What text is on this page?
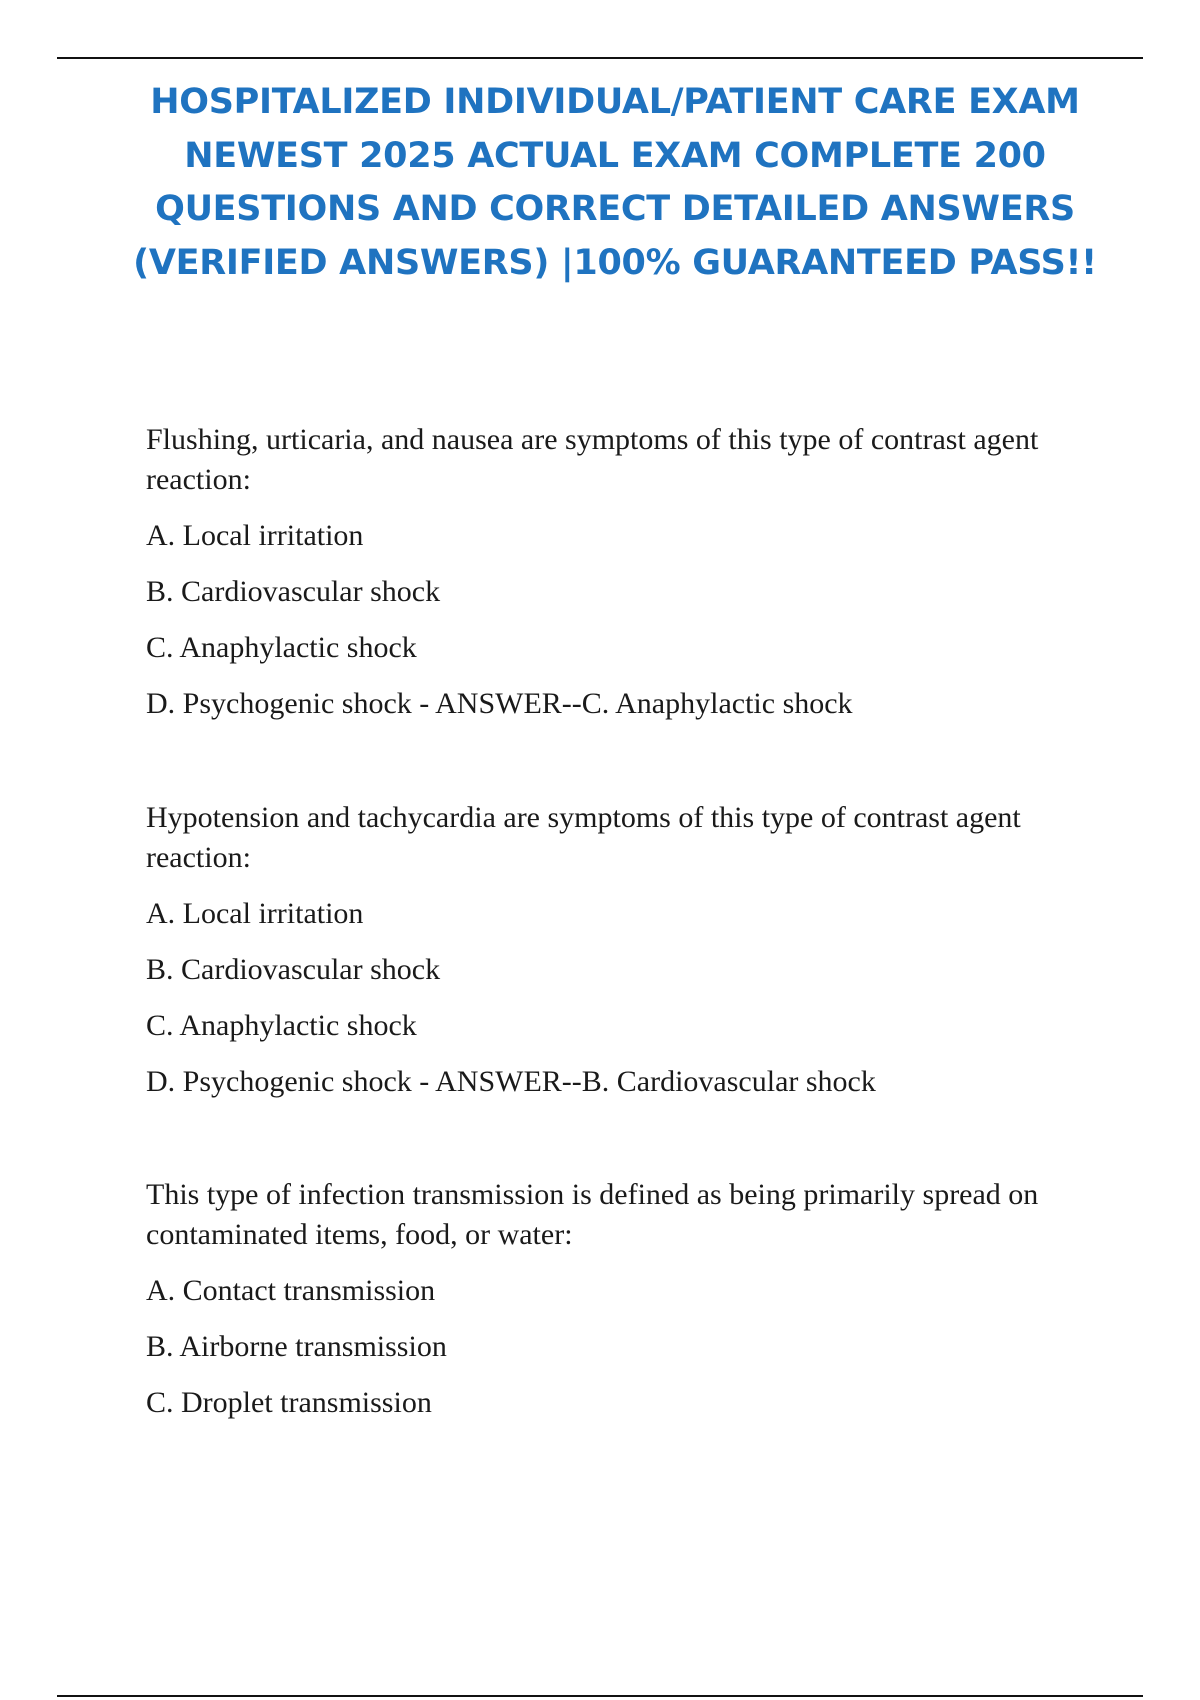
HOSPITALIZED INDIVIDUAL/PATIENT CARE EXAM NEWEST 2025 ACTUAL EXAM COMPLETE 200 QUESTIONS AND CORRECT DETAILED ANSWERS (VERIFIED ANSWERS) |100% GUARANTEED PASS!!

Flushing, urticaria, and nausea are symptoms of this type of contrast agent reaction:

A. Local irritation

B. Cardiovascular shock

C. Anaphylactic shock

D. Psychogenic shock - ANSWER--C. Anaphylactic shock

Hypotension and tachycardia are symptoms of this type of contrast agent reaction:

A. Local irritation

B. Cardiovascular shock

C. Anaphylactic shock

D. Psychogenic shock - ANSWER--B. Cardiovascular shock

This type of infection transmission is defined as being primarily spread on contaminated items, food, or water:

A. Contact transmission

B. Airborne transmission

C. Droplet transmission
